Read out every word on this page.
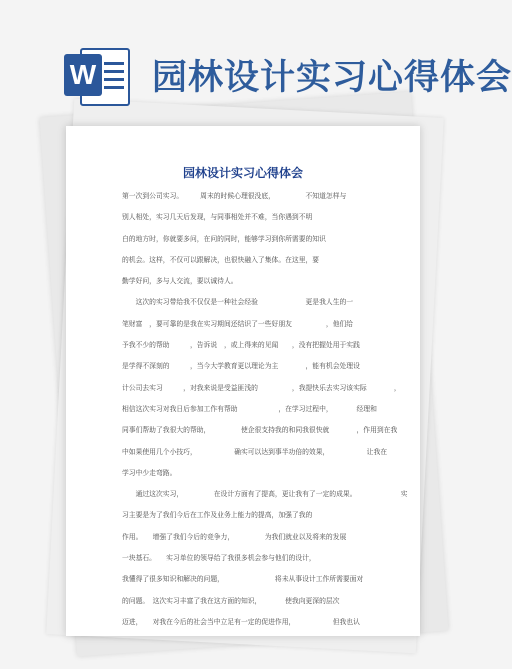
W 园林设计实习心得体会
园林设计实习心得体会
第一次到公司实习。　　　周末的时候心理很没底，　　　　　不知道怎样与
别人相处，实习几天后发现，与同事相处并不难，当你遇到不明
白的地方时，你就要多问，在问的同时，能够学习到你所需要的知识
的机会。这样，不仅可以跟解决，也很快融入了集体。在这里，要
勤学好问，多与人交流，要以诚待人。
　　这次的实习带给我不仅仅是一种社会经验　　　　　　　更是我人生的一
笔财富　，要可靠的是我在实习期间还结识了一些好朋友　　　　　，他们给
予我不少的帮助　　　，告诉说　，或上得来的见闻　　，没有把握处用于实践
是学得不深刻的　　　，当今大学教育更以理论为主　　　　，能有机会处理设
计公司去实习　　　，对我来说是受益匪浅的　　　　　，我提快乐去实习该实际　　　　，
相信这次实习对我日后参加工作有帮助　　　　　　，在学习过程中，　　　　经理和
同事们帮助了我很大的帮助，　　　　　使企很支持我的和同我很快就　　　　，作用到在我
中如果使用几个小技巧，　　　　　　确实可以达到事半功倍的效果，　　　　　　让我在
学习中少走弯路。
　　通过这次实习，　　　　　在设计方面有了提高，更让我有了一定的成果。　　　　　　　实
习主要是为了我们今后在工作及业务上能力的提高，加强了我的
作用。　　增强了我们今后的竞争力，　　　　　为我们就业以及将来的发展
一块基石。　　实习单位的领导给了我很多机会参与他们的设计，
我懂得了很多知识和解决的问题，　　　　　　　　将未从事设计工作所需要面对
的问题。　这次实习丰富了我在这方面的知识，　　　　使我向更深的层次
迈进，　　对我在今后的社会当中立足有一定的促进作用，　　　　　　但我也认
